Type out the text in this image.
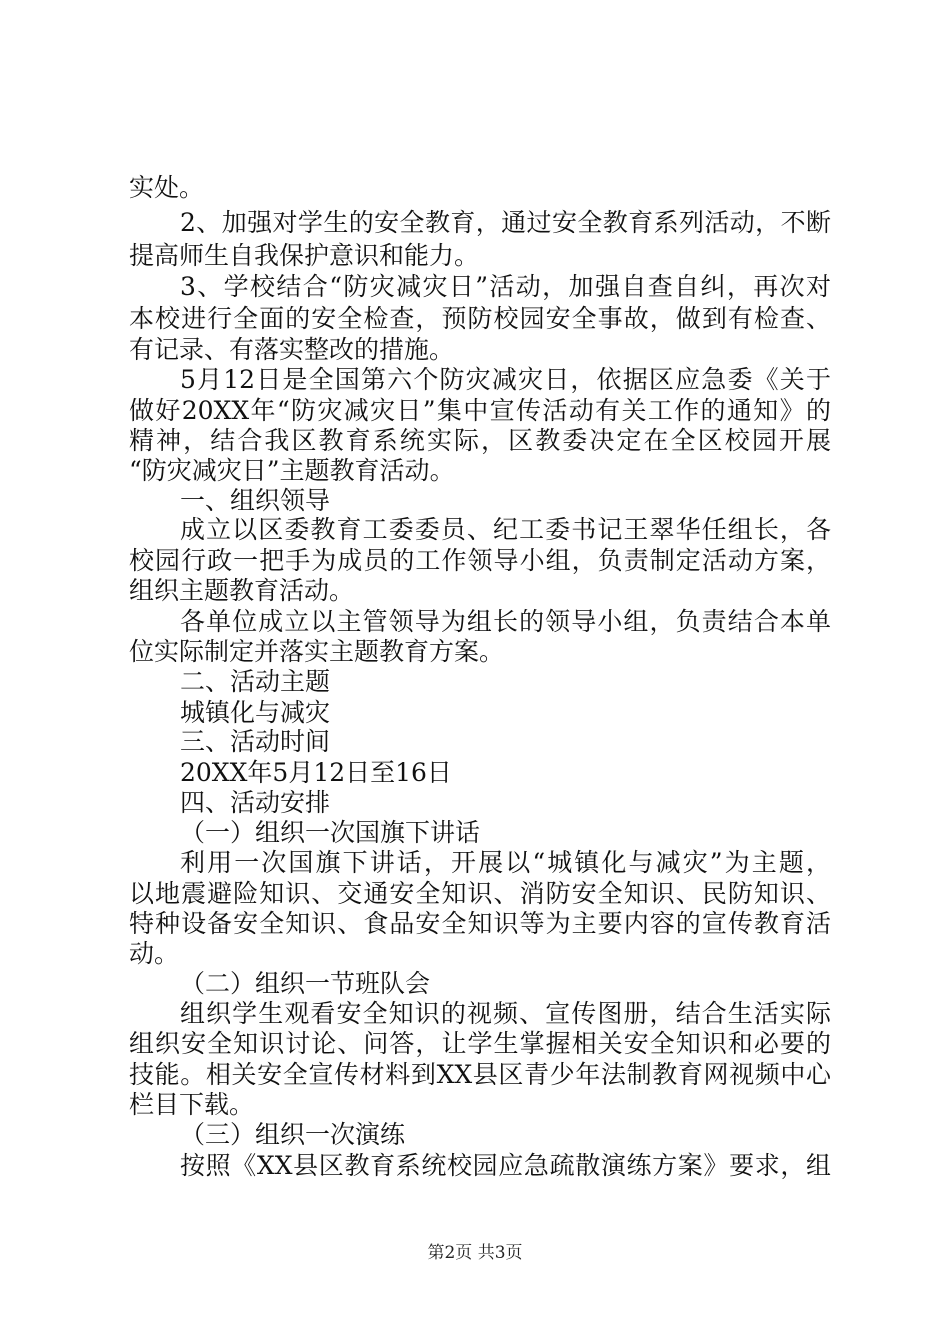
实处。
2、加强对学生的安全教育，通过安全教育系列活动，不断
提高师生自我保护意识和能力。
3、学校结合“防灾减灾日”活动，加强自查自纠，再次对
本校进行全面的安全检查，预防校园安全事故，做到有检查、
有记录、有落实整改的措施。
5月12日是全国第六个防灾减灾日，依据区应急委《关于
做好20XX年“防灾减灾日”集中宣传活动有关工作的通知》的
精神，结合我区教育系统实际，区教委决定在全区校园开展
“防灾减灾日”主题教育活动。
一、组织领导
成立以区委教育工委委员、纪工委书记王翠华任组长，各
校园行政一把手为成员的工作领导小组，负责制定活动方案，
组织主题教育活动。
各单位成立以主管领导为组长的领导小组，负责结合本单
位实际制定并落实主题教育方案。
二、活动主题
城镇化与减灾
三、活动时间
20XX年5月12日至16日
四、活动安排
（一）组织一次国旗下讲话
利用一次国旗下讲话，开展以“城镇化与减灾”为主题，
以地震避险知识、交通安全知识、消防安全知识、民防知识、
特种设备安全知识、食品安全知识等为主要内容的宣传教育活
动。
（二）组织一节班队会
组织学生观看安全知识的视频、宣传图册，结合生活实际
组织安全知识讨论、问答，让学生掌握相关安全知识和必要的
技能。相关安全宣传材料到XX县区青少年法制教育网视频中心
栏目下载。
（三）组织一次演练
按照《XX县区教育系统校园应急疏散演练方案》要求，组
第2页 共3页
